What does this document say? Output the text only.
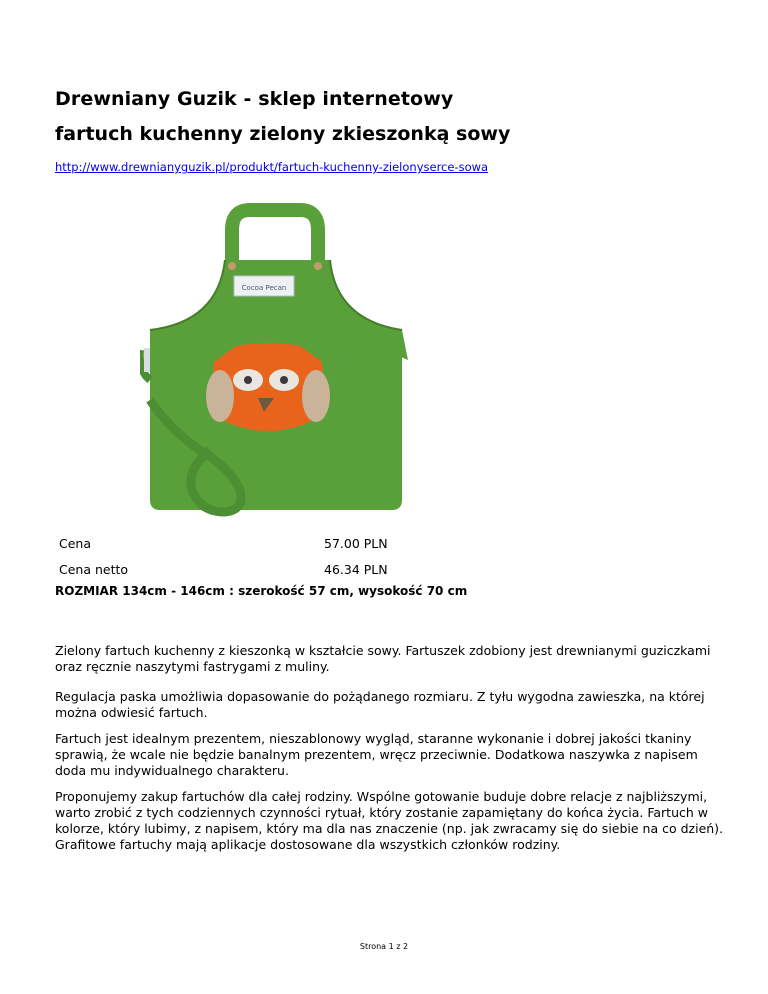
Drewniany Guzik - sklep internetowy
fartuch kuchenny zielony zkieszonką sowy
http://www.drewnianyguzik.pl/produkt/fartuch-kuchenny-zielonyserce-sowa
Cocoa Pecan
Cena	57.00 PLN
Cena netto	46.34 PLN
ROZMIAR 134cm - 146cm : szerokość 57 cm, wysokość 70 cm

Zielony fartuch kuchenny z kieszonką w kształcie sowy. Fartuszek zdobiony jest drewnianymi guziczkami oraz ręcznie naszytymi fastrygami z muliny.

Regulacja paska umożliwia dopasowanie do pożądanego rozmiaru. Z tyłu wygodna zawieszka, na której można odwiesić fartuch.

Fartuch jest idealnym prezentem, nieszablonowy wygląd, staranne wykonanie i dobrej jakości tkaniny sprawią, że wcale nie będzie banalnym prezentem, wręcz przeciwnie. Dodatkowa naszywka z napisem doda mu indywidualnego charakteru.

Proponujemy zakup fartuchów dla całej rodziny. Wspólne gotowanie buduje dobre relacje z najbliższymi, warto zrobić z tych codziennych czynności rytuał, który zostanie zapamiętany do końca życia. Fartuch w kolorze, który lubimy, z napisem, który ma dla nas znaczenie (np. jak zwracamy się do siebie na co dzień). Grafitowe fartuchy mają aplikacje dostosowane dla wszystkich członków rodziny.

Strona 1 z 2
